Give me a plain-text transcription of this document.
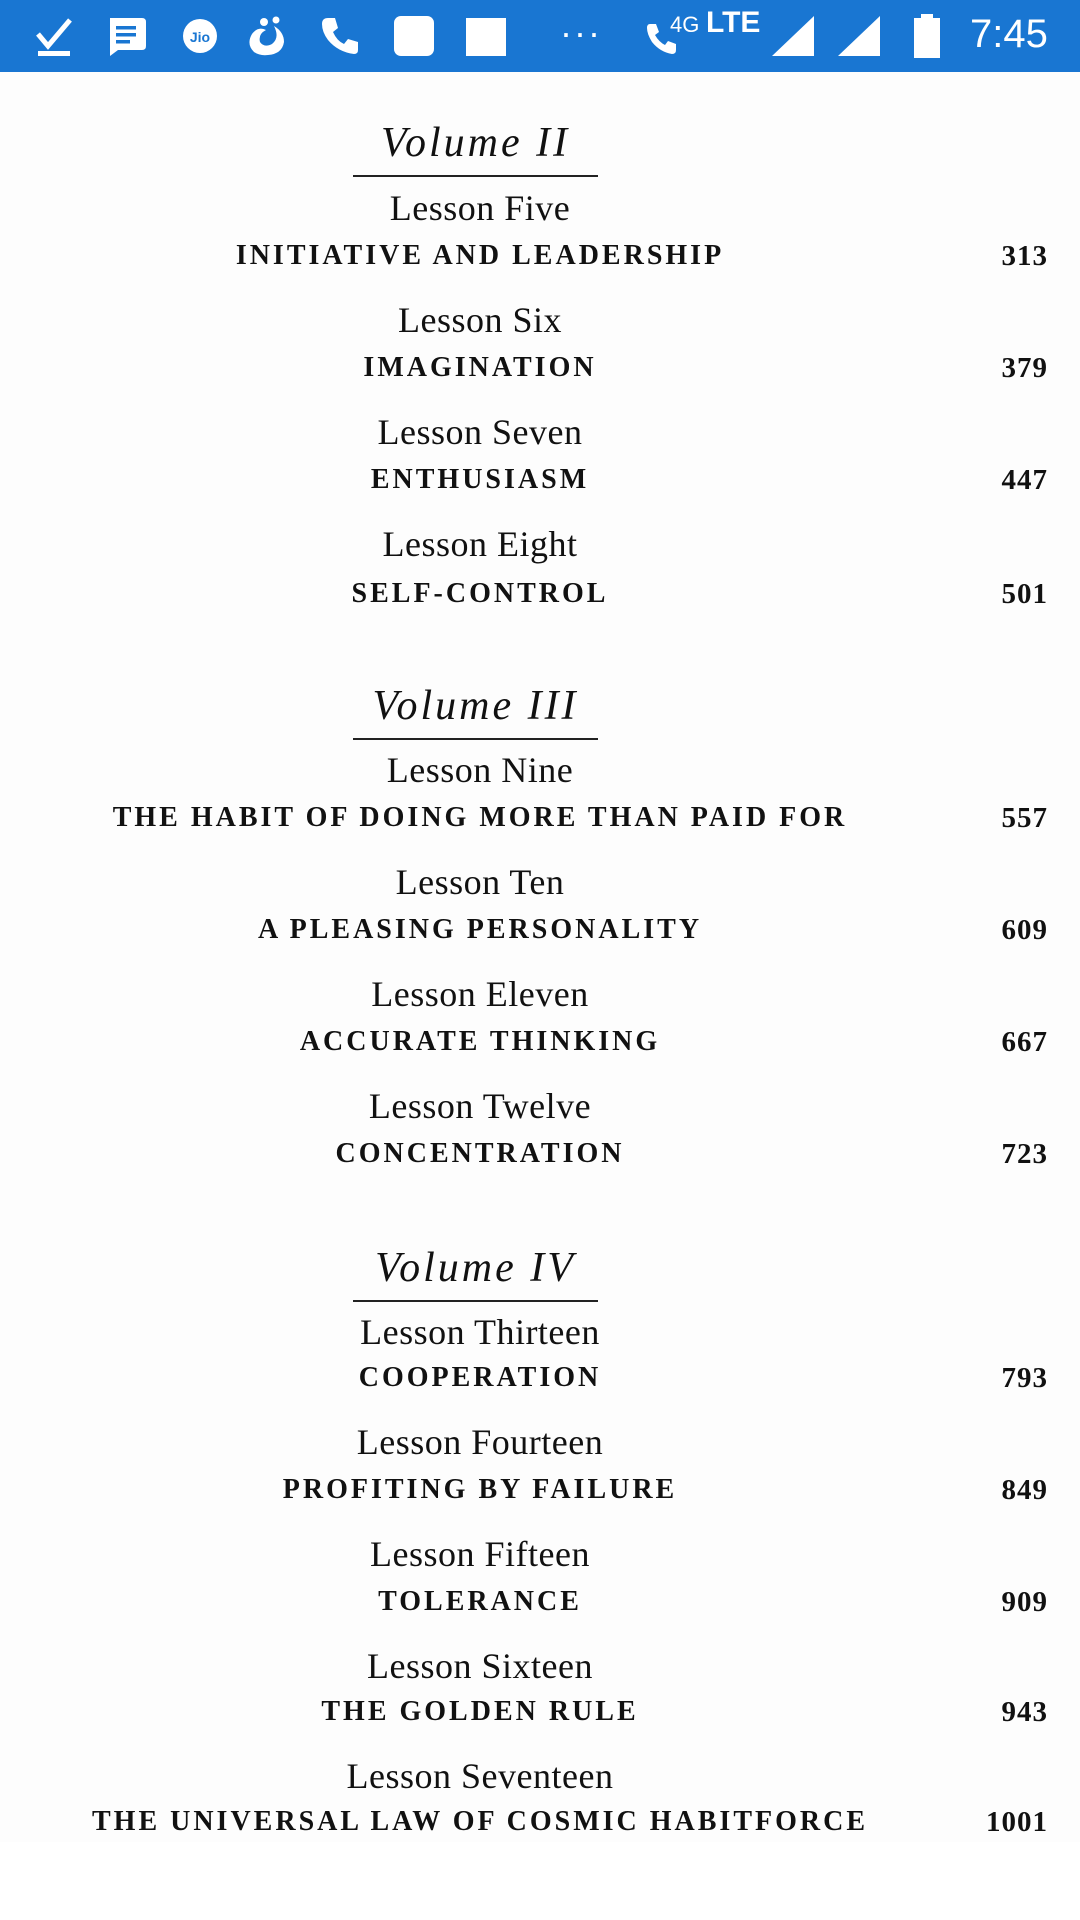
Jio	···	4G LTE	7:45
Volume II
Lesson Five
INITIATIVE AND LEADERSHIP	313
Lesson Six
IMAGINATION	379
Lesson Seven
ENTHUSIASM	447
Lesson Eight
SELF-CONTROL	501
Volume III
Lesson Nine
THE HABIT OF DOING MORE THAN PAID FOR	557
Lesson Ten
A PLEASING PERSONALITY	609
Lesson Eleven
ACCURATE THINKING	667
Lesson Twelve
CONCENTRATION	723
Volume IV
Lesson Thirteen
COOPERATION	793
Lesson Fourteen
PROFITING BY FAILURE	849
Lesson Fifteen
TOLERANCE	909
Lesson Sixteen
THE GOLDEN RULE	943
Lesson Seventeen
THE UNIVERSAL LAW OF COSMIC HABITFORCE	1001
